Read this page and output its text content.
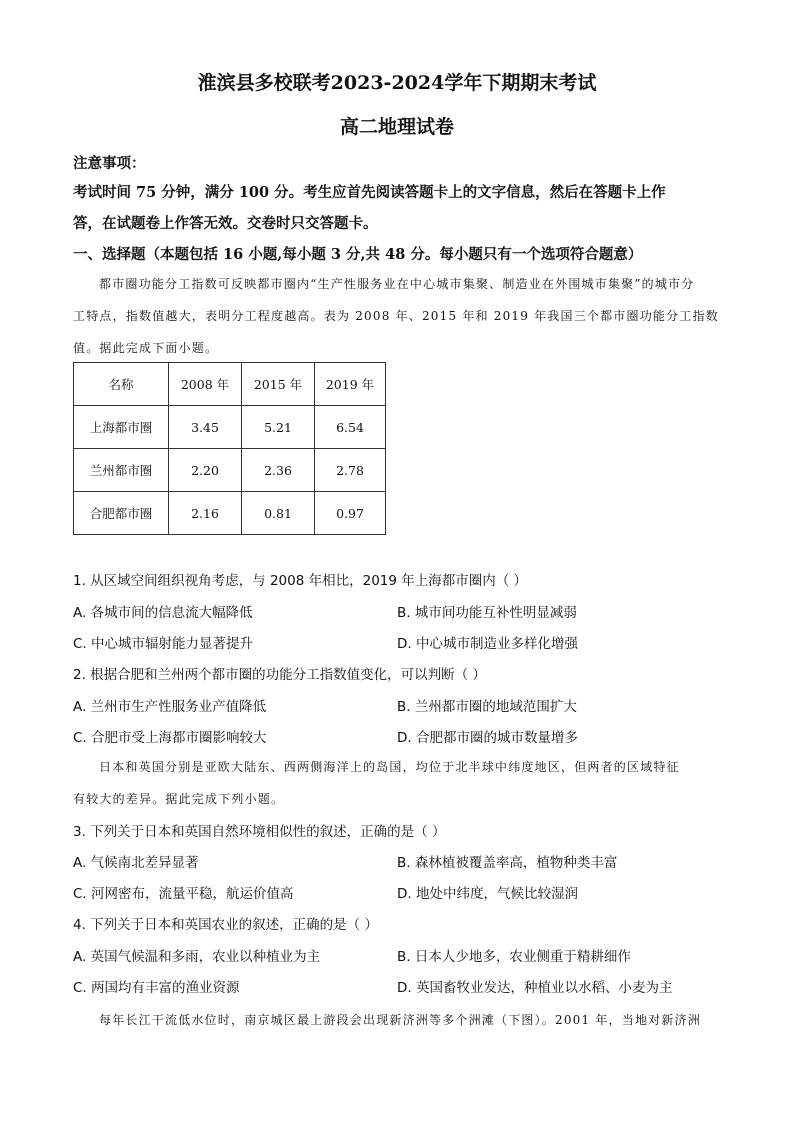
淮滨县多校联考2023-2024学年下期期末考试
高二地理试卷
注意事项：
考试时间 75 分钟，满分 100 分。考生应首先阅读答题卡上的文字信息，然后在答题卡上作
答，在试题卷上作答无效。交卷时只交答题卡。
一、选择题（本题包括 16 小题,每小题 3 分,共 48 分。每小题只有一个选项符合题意）
都市圈功能分工指数可反映都市圈内“生产性服务业在中心城市集聚、制造业在外围城市集聚”的城市分
工特点，指数值越大，表明分工程度越高。表为 2008 年、2015 年和 2019 年我国三个都市圈功能分工指数
值。据此完成下面小题。
名称	2008 年	2015 年	2019 年
上海都市圈	3.45	5.21	6.54
兰州都市圈	2.20	2.36	2.78
合肥都市圈	2.16	0.81	0.97
1. 从区域空间组织视角考虑，与 2008 年相比，2019 年上海都市圈内（ ）
A. 各城市间的信息流大幅降低	B. 城市间功能互补性明显减弱
C. 中心城市辐射能力显著提升	D. 中心城市制造业多样化增强
2. 根据合肥和兰州两个都市圈的功能分工指数值变化，可以判断（ ）
A. 兰州市生产性服务业产值降低	B. 兰州都市圈的地域范围扩大
C. 合肥市受上海都市圈影响较大	D. 合肥都市圈的城市数量增多
日本和英国分别是亚欧大陆东、西两侧海洋上的岛国，均位于北半球中纬度地区，但两者的区域特征
有较大的差异。据此完成下列小题。
3. 下列关于日本和英国自然环境相似性的叙述，正确的是（ ）
A. 气候南北差异显著	B. 森林植被覆盖率高，植物种类丰富
C. 河网密布，流量平稳，航运价值高	D. 地处中纬度，气候比较湿润
4. 下列关于日本和英国农业的叙述，正确的是（ ）
A. 英国气候温和多雨，农业以种植业为主	B. 日本人少地多，农业侧重于精耕细作
C. 两国均有丰富的渔业资源	D. 英国畜牧业发达，种植业以水稻、小麦为主
每年长江干流低水位时，南京城区最上游段会出现新济洲等多个洲滩（下图）。2001 年，当地对新济洲
